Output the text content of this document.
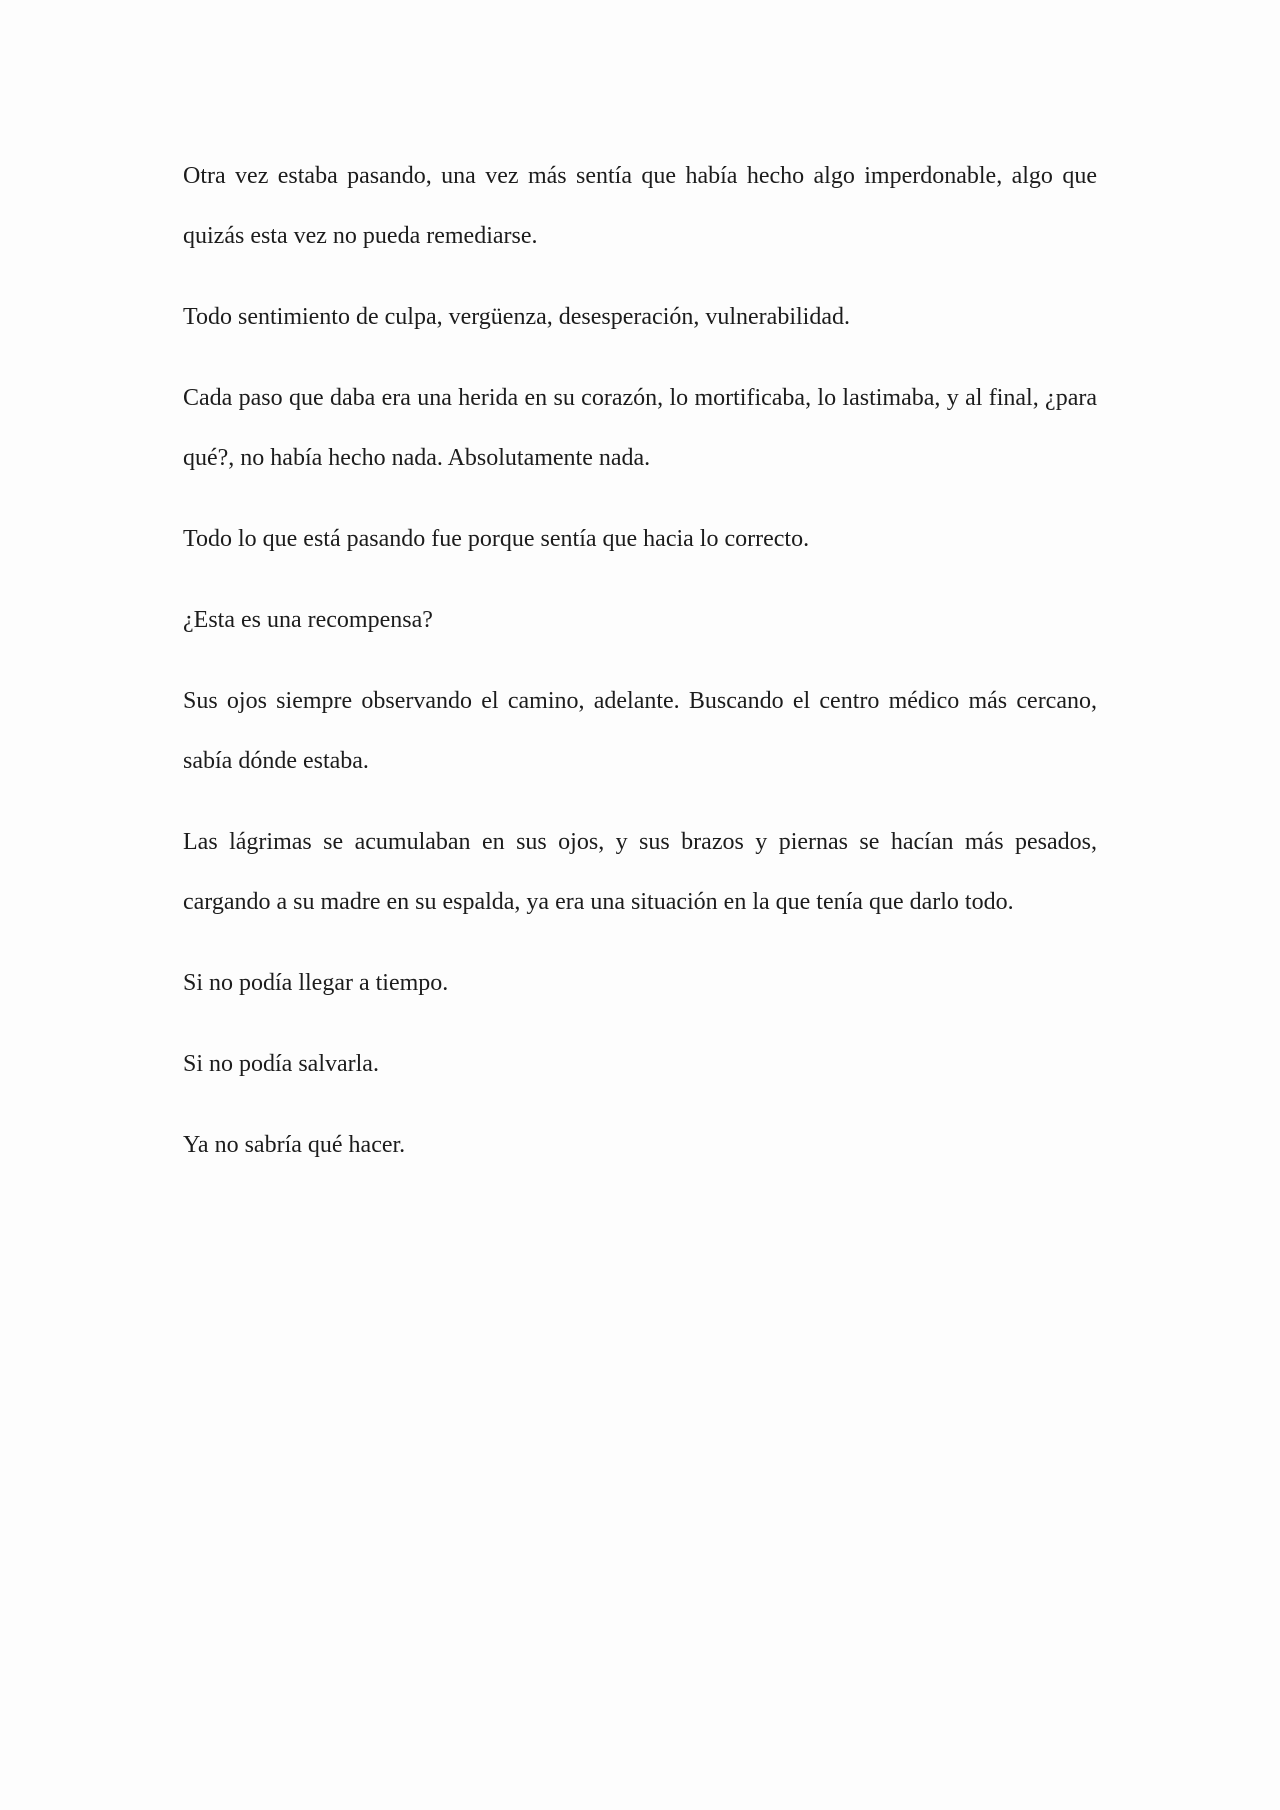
Otra vez estaba pasando, una vez más sentía que había hecho algo imperdonable, algo que quizás esta vez no pueda remediarse.

Todo sentimiento de culpa, vergüenza, desesperación, vulnerabilidad.

Cada paso que daba era una herida en su corazón, lo mortificaba, lo lastimaba, y al final, ¿para qué?, no había hecho nada. Absolutamente nada.

Todo lo que está pasando fue porque sentía que hacia lo correcto.

¿Esta es una recompensa?

Sus ojos siempre observando el camino, adelante. Buscando el centro médico más cercano, sabía dónde estaba.

Las lágrimas se acumulaban en sus ojos, y sus brazos y piernas se hacían más pesados, cargando a su madre en su espalda, ya era una situación en la que tenía que darlo todo.

Si no podía llegar a tiempo.

Si no podía salvarla.

Ya no sabría qué hacer.
